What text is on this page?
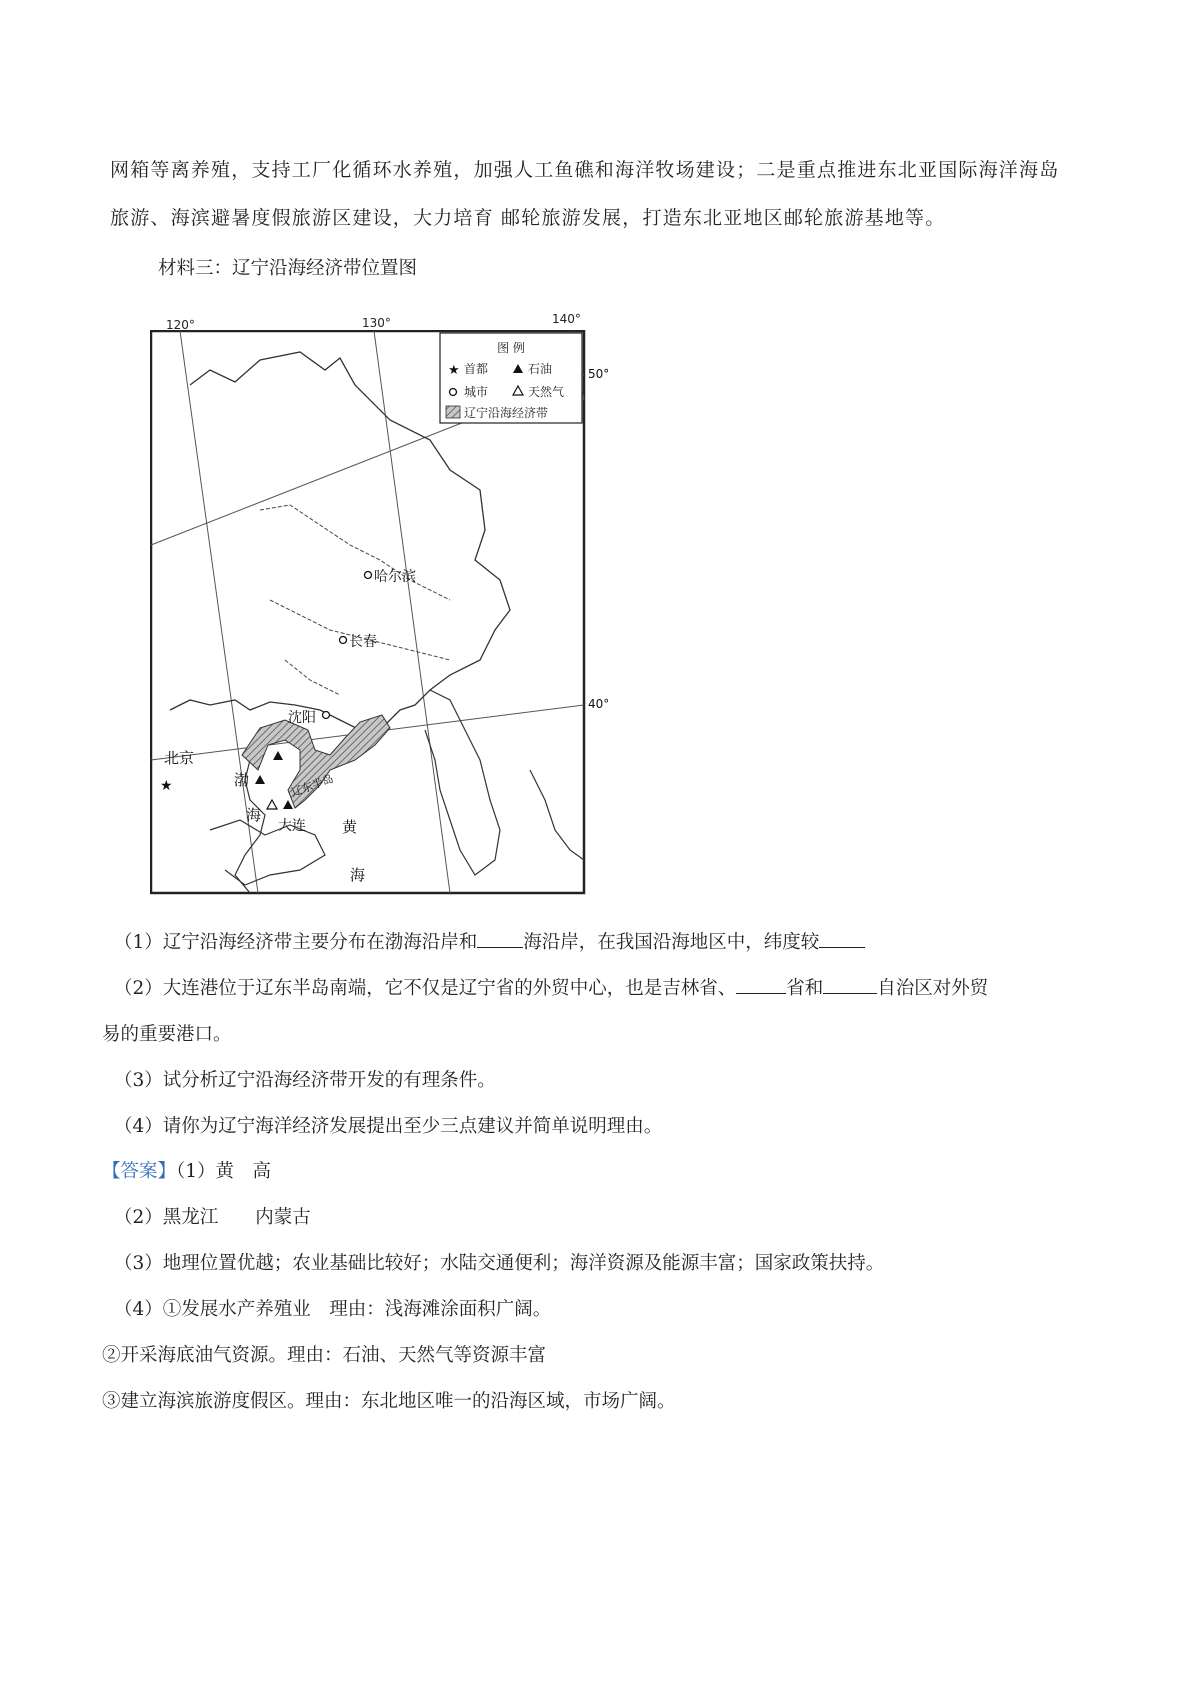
网箱等离养殖，支持工厂化循环水养殖，加强人工鱼礁和海洋牧场建设；二是重点推进东北亚国际海洋海岛
旅游、海滨避暑度假旅游区建设，大力培育 邮轮旅游发展，打造东北亚地区邮轮旅游基地等。
材料三：辽宁沿海经济带位置图
图 例
★ 首都	石油
城市	天然气
辽宁沿海经济带
哈尔滨
长春
沈阳
北京
★
大连
渤
海
黄
海
辽东半岛
50°
40°
120°	130°	140°
（1）辽宁沿海经济带主要分布在渤海沿岸和 海沿岸，在我国沿海地区中，纬度较
（2）大连港位于辽东半岛南端，它不仅是辽宁省的外贸中心，也是吉林省、	省和	自治区对外贸
易的重要港口。
（3）试分析辽宁沿海经济带开发的有理条件。
（4）请你为辽宁海洋经济发展提出至少三点建议并简单说明理由。
【答案】（1）黄　高
（2）黑龙江　　内蒙古
（3）地理位置优越；农业基础比较好；水陆交通便利；海洋资源及能源丰富；国家政策扶持。
（4）①发展水产养殖业　理由：浅海滩涂面积广阔。
②开采海底油气资源。理由：石油、天然气等资源丰富
③建立海滨旅游度假区。理由：东北地区唯一的沿海区域，市场广阔。
